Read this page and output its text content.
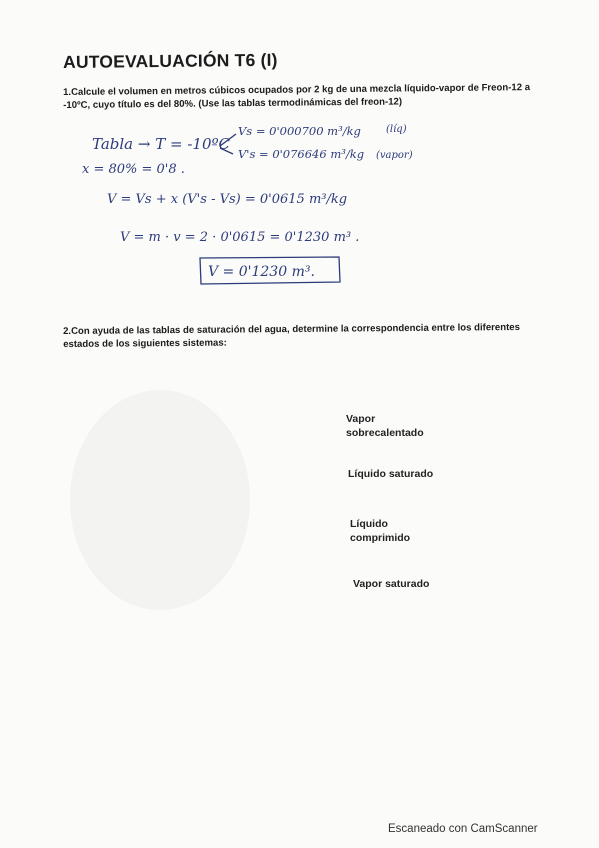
AUTOEVALUACIÓN T6 (I)
1.Calcule el volumen en metros cúbicos ocupados por 2 kg de una mezcla líquido-vapor de Freon-12 a -10ºC, cuyo título es del 80%. (Use las tablas termodinámicas del freon-12)
Tabla → T = -10ºC
Vs = 0'000700 m³/kg	(líq)
V's = 0'076646 m³/kg (vapor)
x = 80% = 0'8 .
V = Vs + x (V's - Vs) = 0'0615 m³/kg
V = m · v = 2 · 0'0615 = 0'1230 m³ .
V = 0'1230 m³.
2.Con ayuda de las tablas de saturación del agua, determine la correspondencia entre los diferentes estados de los siguientes sistemas:
Vapor sobrecalentado
Líquido saturado
Líquido comprimido
Vapor saturado
Escaneado con CamScanner
